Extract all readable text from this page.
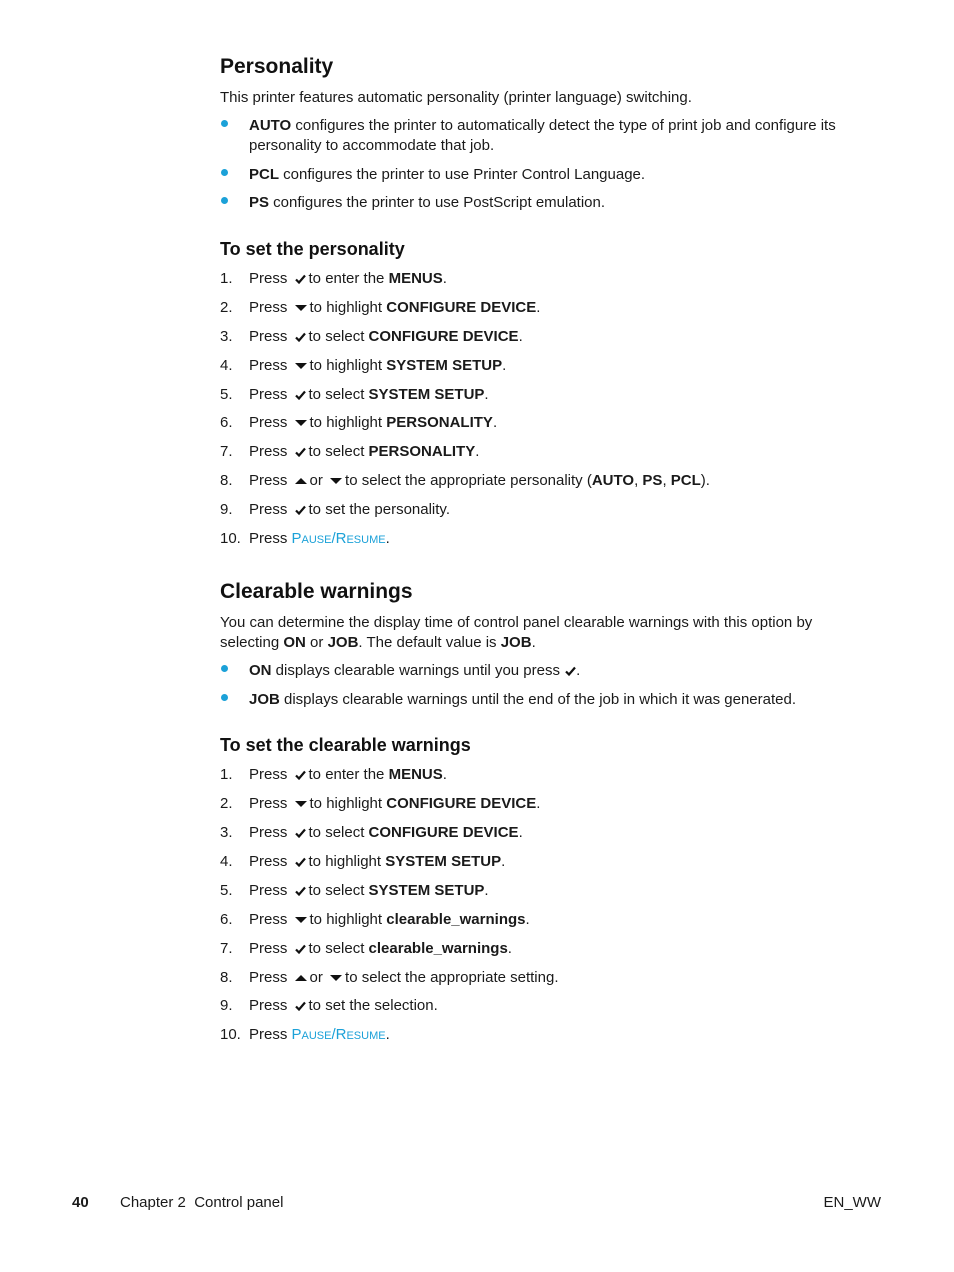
Personality

This printer features automatic personality (printer language) switching.

AUTO configures the printer to automatically detect the type of print job and configure its personality to accommodate that job.
PCL configures the printer to use Printer Control Language.
PS configures the printer to use PostScript emulation.
To set the personality
1. Press to enter the MENUS.
2. Press to highlight CONFIGURE DEVICE.
3. Press to select CONFIGURE DEVICE.
4. Press to highlight SYSTEM SETUP.
5. Press to select SYSTEM SETUP.
6. Press to highlight PERSONALITY.
7. Press to select PERSONALITY.
8. Press or to select the appropriate personality (AUTO, PS, PCL).
9. Press to set the personality.
10. Press Pause/Resume.
Clearable warnings

You can determine the display time of control panel clearable warnings with this option by selecting ON or JOB. The default value is JOB.

ON displays clearable warnings until you press .
JOB displays clearable warnings until the end of the job in which it was generated.
To set the clearable warnings
1. Press to enter the MENUS.
2. Press to highlight CONFIGURE DEVICE.
3. Press to select CONFIGURE DEVICE.
4. Press to highlight SYSTEM SETUP.
5. Press to select SYSTEM SETUP.
6. Press to highlight clearable_warnings.
7. Press to select clearable_warnings.
8. Press or to select the appropriate setting.
9. Press to set the selection.
10. Press Pause/Resume.
40 Chapter 2  Control panel	EN_WW
